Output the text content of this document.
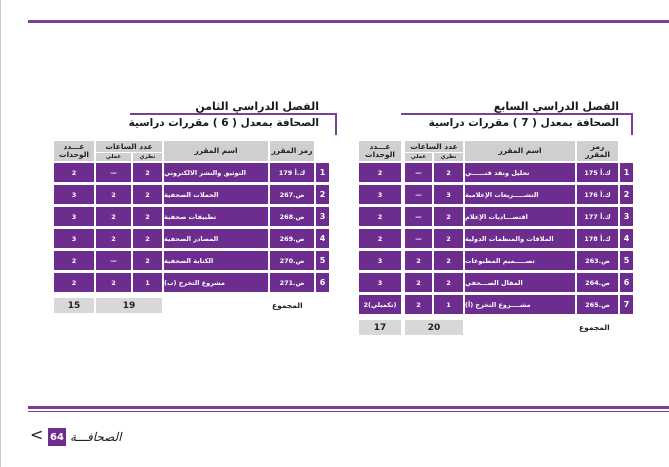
الفصل الدراسي السابع
الصحافة بمعدل ( 7 ) مقررات دراسية
رمز المقرر
اسم المقرر
عدد الساعات
نظري
عملي
عـــدد الوحدات
1
ك.أ 175
تحليل ونقد فنــــــي
2
—
2
2
ك.أ 176
التشـــــريعات الإعلامية
3
—
3
3
ك.أ 177
اقتصـــاديات الإعلام
2
—
2
4
ك.أ 178
الملاقات والمنظمات الدولية
2
—
2
5
ص.263
تصـــــميم المطبوعات
2
2
3
6
ص.264
المقال الصـــحفي
2
2
3
7
ص.265
مشــــروع التخرج (أ)
1
2
2(تكميلي)
المجموع
20
17
الفصل الدراسي الثامن
الصحافة بمعدل ( 6 ) مقررات دراسية
رمز المقرر
اسم المقرر
عدد الساعات
نظري
عملي
عـــدد الوحدات
1
ك.أ 179
التوثيق والنشر الالكتروني
2
—
2
2
ص.267
الحملات الصحفية
2
2
3
3
ص.268
تطبيقات صحفية
2
2
3
4
ص.269
المصادر الصحفية
2
2
3
5
ص.270
الكتابة الصحفية
2
—
2
6
ص.271
مشروع التخرج (ب)
1
2
2
المجموع
19
15
< 64 الصحافـــة
